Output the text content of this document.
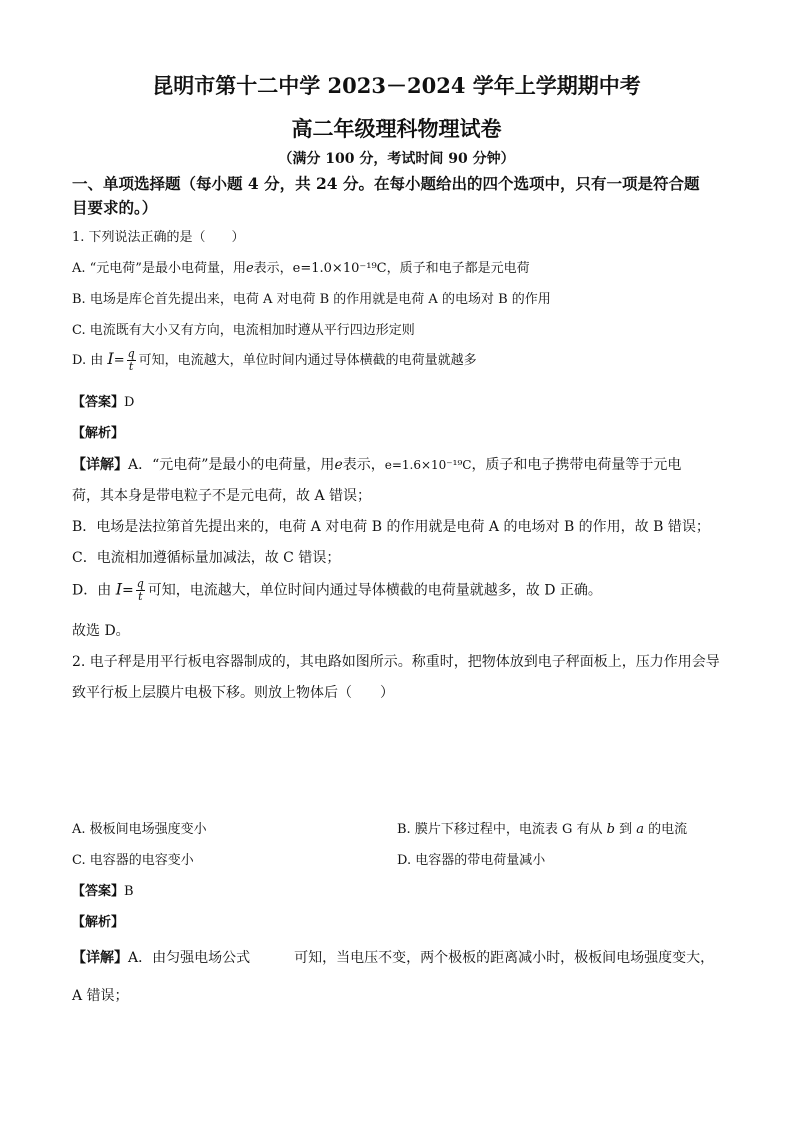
昆明市第十二中学 2023－2024 学年上学期期中考
高二年级理科物理试卷
（满分 100 分，考试时间 90 分钟）
一、单项选择题（每小题 4 分，共 24 分。在每小题给出的四个选项中，只有一项是符合题
目要求的。）
1. 下列说法正确的是（　　）
A. “元电荷”是最小电荷量，用e表示，e=1.0×10⁻¹⁹C，质子和电子都是元电荷
B. 电场是库仑首先提出来，电荷 A 对电荷 B 的作用就是电荷 A 的电场对 B 的作用
C. 电流既有大小又有方向，电流相加时遵从平行四边形定则
D. 由 $I= \frac{q}{t}$ 可知，电流越大，单位时间内通过导体横截的电荷量就越多
【答案】D
【解析】
【详解】A．“元电荷”是最小的电荷量，用e表示，e=1.6×10⁻¹⁹C，质子和电子携带电荷量等于元电
荷，其本身是带电粒子不是元电荷，故 A 错误；
B．电场是法拉第首先提出来的，电荷 A 对电荷 B 的作用就是电荷 A 的电场对 B 的作用，故 B 错误；
C．电流相加遵循标量加减法，故 C 错误；
D．由 $I= \frac{q}{t}$ 可知，电流越大，单位时间内通过导体横截的电荷量就越多，故 D 正确。
故选 D。
2. 电子秤是用平行板电容器制成的，其电路如图所示。称重时，把物体放到电子秤面板上，压力作用会导
致平行板上层膜片电极下移。则放上物体后（　　）
A. 极板间电场强度变小	B. 膜片下移过程中，电流表 G 有从 b 到 a 的电流
C. 电容器的电容变小	D. 电容器的带电荷量减小
【答案】B
【解析】
【详解】A．由匀强电场公式	可知，当电压不变，两个极板的距离减小时，极板间电场强度变大，
A 错误；
